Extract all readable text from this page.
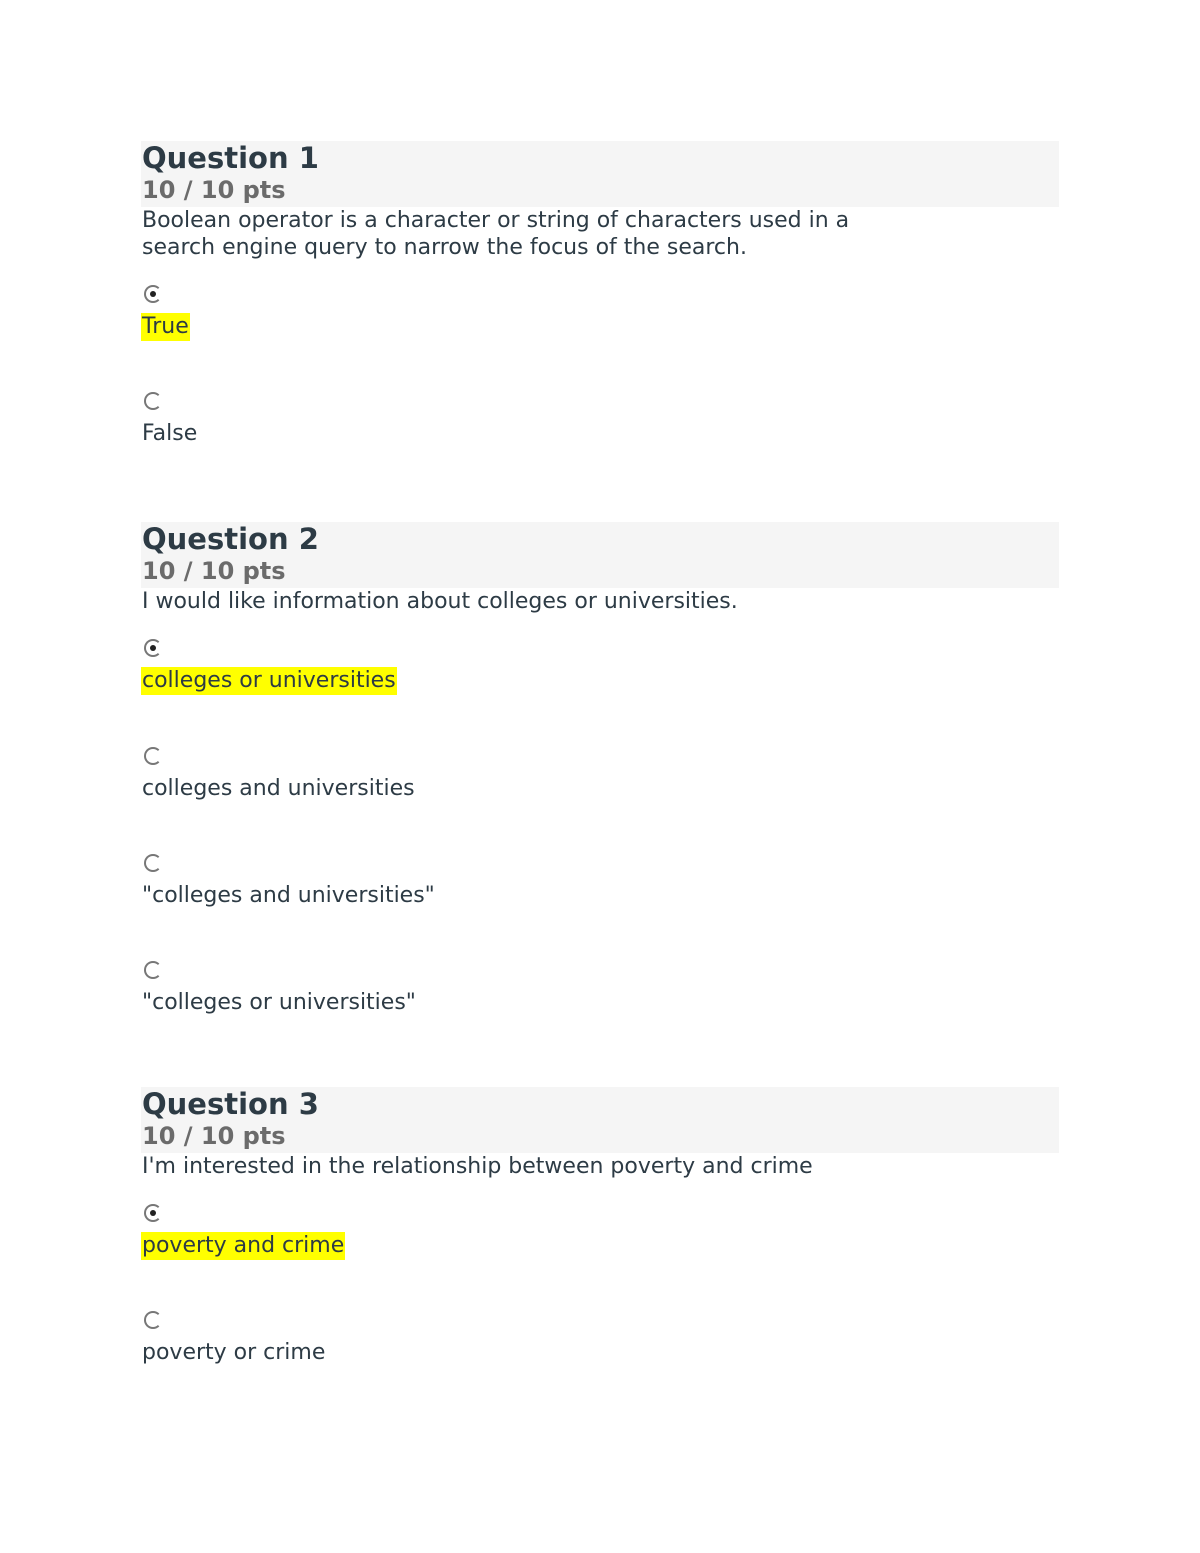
Question 1
10 / 10 pts
Boolean operator is a character or string of characters used in a search engine query to narrow the focus of the search.
True
False
Question 2
10 / 10 pts
I would like information about colleges or universities.
colleges or universities
colleges and universities
"colleges and universities"
"colleges or universities"
Question 3
10 / 10 pts
I'm interested in the relationship between poverty and crime
poverty and crime
poverty or crime
